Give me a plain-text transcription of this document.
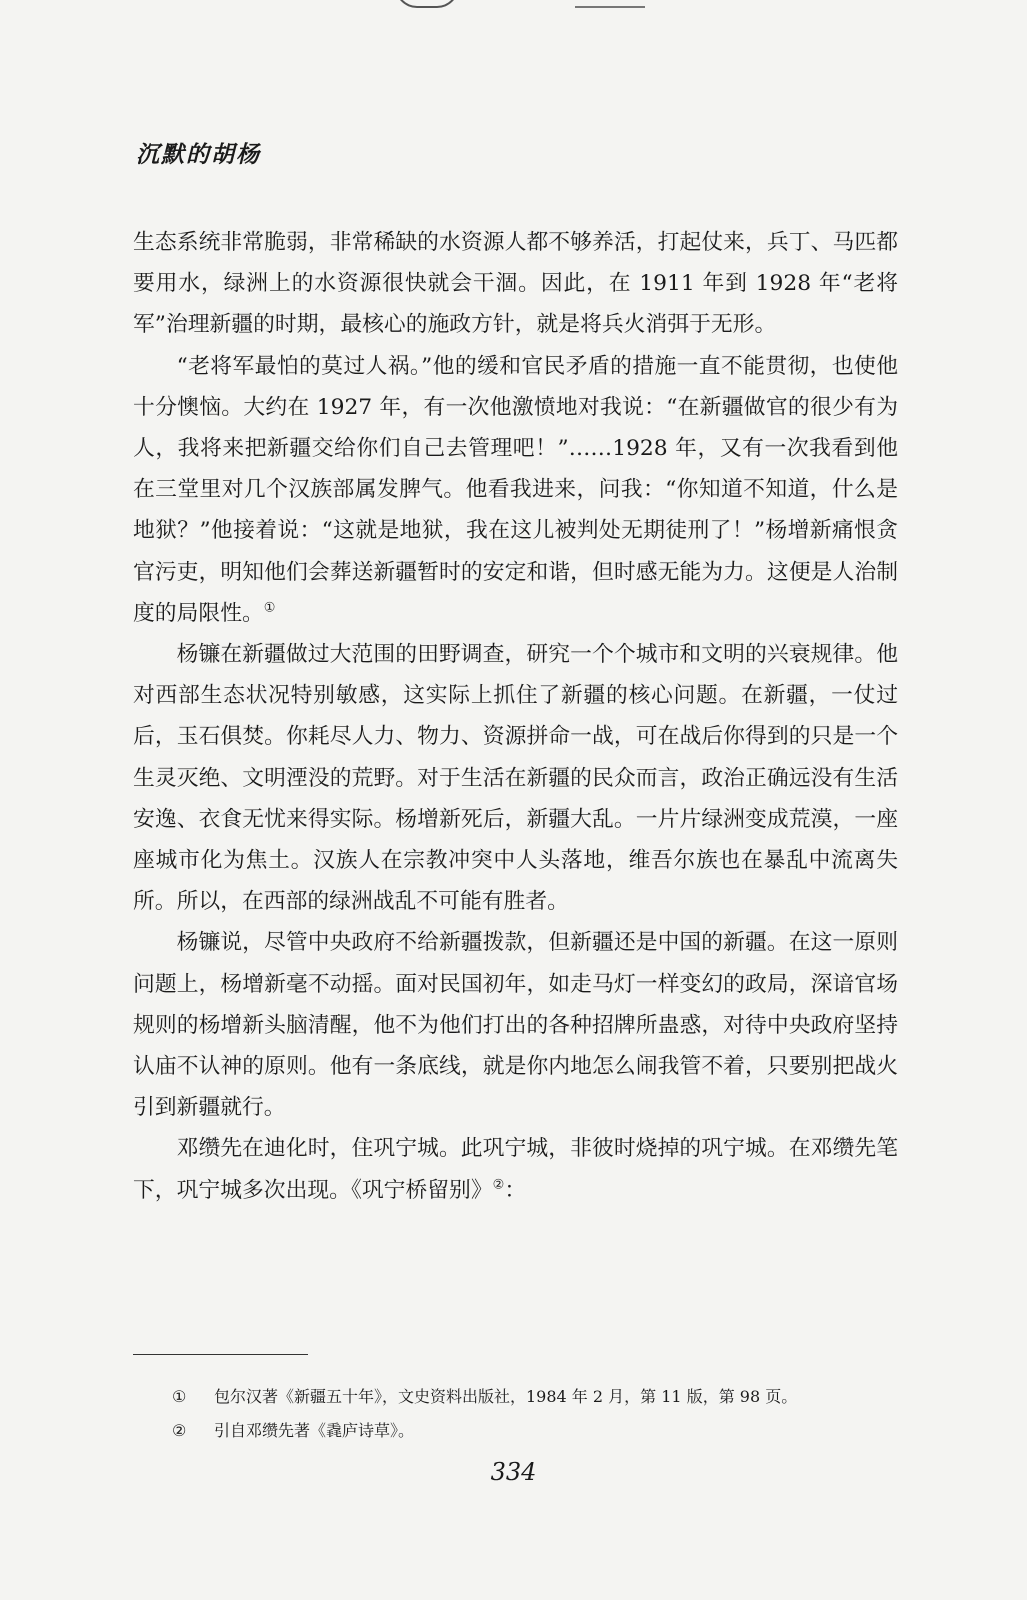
沉默的胡杨

生态系统非常脆弱，非常稀缺的水资源人都不够养活，打起仗来，兵丁、马匹都要用水，绿洲上的水资源很快就会干涸。因此，在 1911 年到 1928 年“老将军”治理新疆的时期，最核心的施政方针，就是将兵火消弭于无形。

“老将军最怕的莫过人祸。”他的缓和官民矛盾的措施一直不能贯彻，也使他十分懊恼。大约在 1927 年，有一次他激愤地对我说：“在新疆做官的很少有为人，我将来把新疆交给你们自己去管理吧！”……1928 年，又有一次我看到他在三堂里对几个汉族部属发脾气。他看我进来，问我：“你知道不知道，什么是地狱？”他接着说：“这就是地狱，我在这儿被判处无期徒刑了！”杨增新痛恨贪官污吏，明知他们会葬送新疆暂时的安定和谐，但时感无能为力。这便是人治制度的局限性。①

杨镰在新疆做过大范围的田野调查，研究一个个城市和文明的兴衰规律。他对西部生态状况特别敏感，这实际上抓住了新疆的核心问题。在新疆，一仗过后，玉石俱焚。你耗尽人力、物力、资源拼命一战，可在战后你得到的只是一个生灵灭绝、文明湮没的荒野。对于生活在新疆的民众而言，政治正确远没有生活安逸、衣食无忧来得实际。杨增新死后，新疆大乱。一片片绿洲变成荒漠，一座座城市化为焦土。汉族人在宗教冲突中人头落地，维吾尔族也在暴乱中流离失所。所以，在西部的绿洲战乱不可能有胜者。

杨镰说，尽管中央政府不给新疆拨款，但新疆还是中国的新疆。在这一原则问题上，杨增新毫不动摇。面对民国初年，如走马灯一样变幻的政局，深谙官场规则的杨增新头脑清醒，他不为他们打出的各种招牌所蛊惑，对待中央政府坚持认庙不认神的原则。他有一条底线，就是你内地怎么闹我管不着，只要别把战火引到新疆就行。

邓缵先在迪化时，住巩宁城。此巩宁城，非彼时烧掉的巩宁城。在邓缵先笔下，巩宁城多次出现。《巩宁桥留别》②：

①	包尔汉著《新疆五十年》，文史资料出版社，1984 年 2 月，第 11 版，第 98 页。
②	引自邓缵先著《毳庐诗草》。
334
